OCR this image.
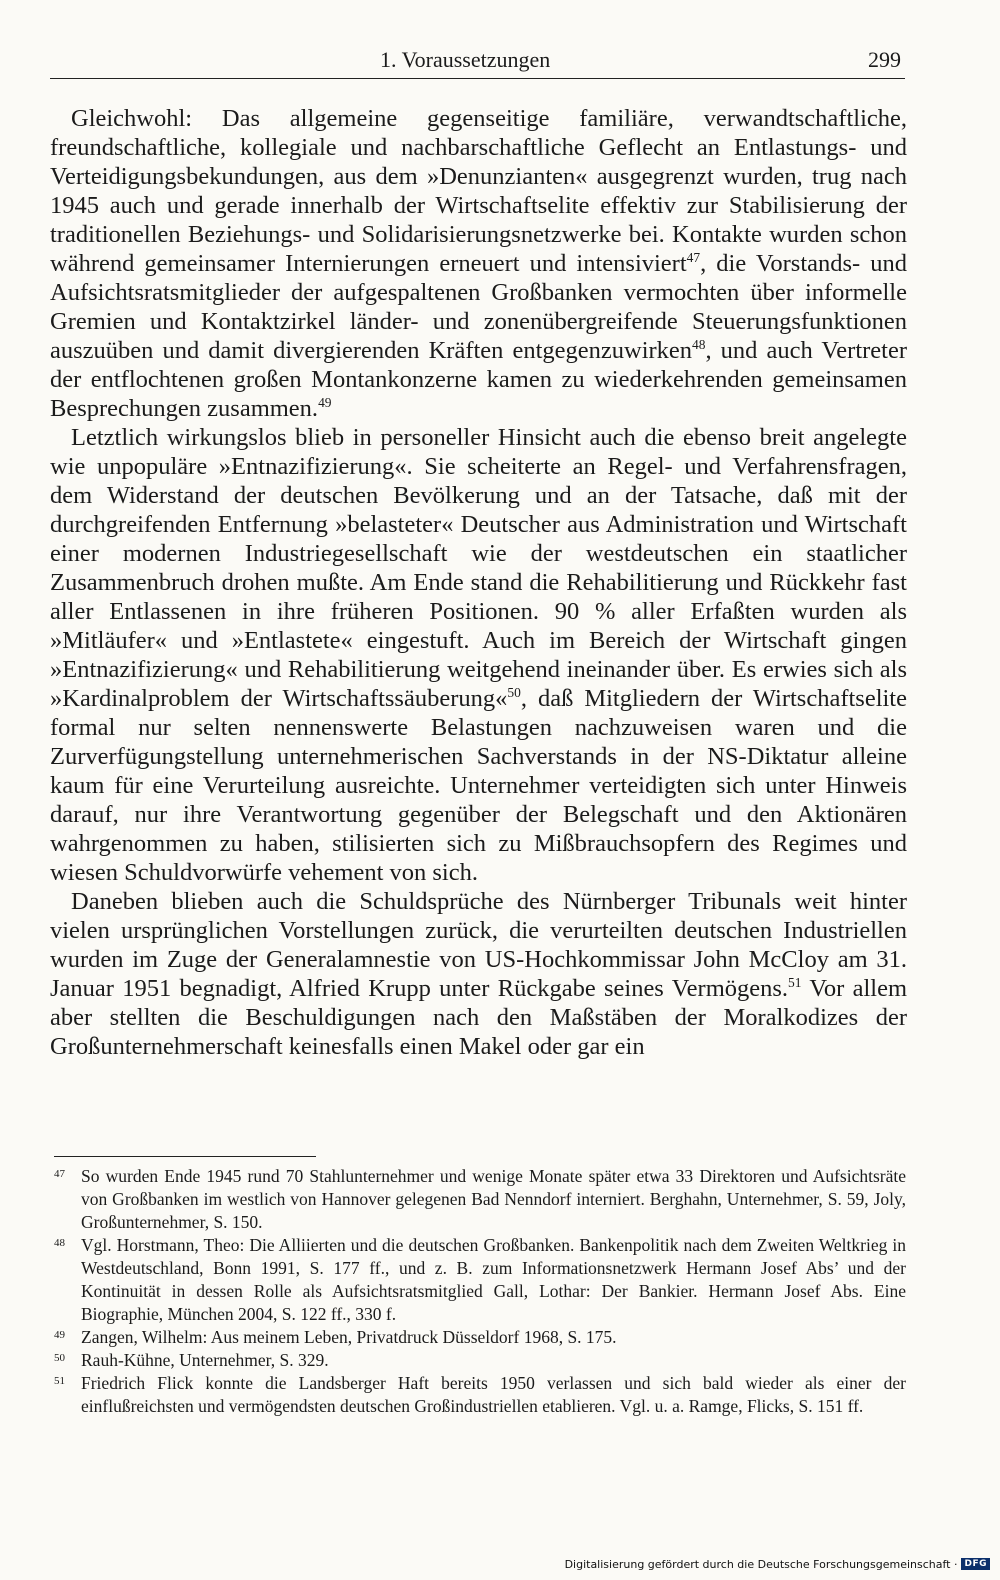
1. Voraussetzungen	299

Gleichwohl: Das allgemeine gegenseitige familiäre, verwandtschaftliche, freundschaftliche, kollegiale und nachbarschaftliche Geflecht an Entlastungs- und Verteidigungsbekundungen, aus dem »Denunzianten« ausgegrenzt wurden, trug nach 1945 auch und gerade innerhalb der Wirtschaftselite effektiv zur Stabilisierung der traditionellen Beziehungs- und Solidarisierungsnetzwerke bei. Kontakte wurden schon während gemeinsamer Internierungen erneuert und intensiviert$^{47}$, die Vorstands- und Aufsichtsratsmitglieder der aufgespaltenen Großbanken vermochten über informelle Gremien und Kontaktzirkel länder- und zonenübergreifende Steuerungsfunktionen auszuüben und damit divergierenden Kräften entgegenzuwirken$^{48}$, und auch Vertreter der entflochtenen großen Montankonzerne kamen zu wiederkehrenden gemeinsamen Besprechungen zusammen.$^{49}$

Letztlich wirkungslos blieb in personeller Hinsicht auch die ebenso breit angelegte wie unpopuläre »Entnazifizierung«. Sie scheiterte an Regel- und Verfahrensfragen, dem Widerstand der deutschen Bevölkerung und an der Tatsache, daß mit der durchgreifenden Entfernung »belasteter« Deutscher aus Administration und Wirtschaft einer modernen Industriegesellschaft wie der westdeutschen ein staatlicher Zusammenbruch drohen mußte. Am Ende stand die Rehabilitierung und Rückkehr fast aller Entlassenen in ihre früheren Positionen. 90 % aller Erfaßten wurden als »Mitläufer« und »Entlastete« eingestuft. Auch im Bereich der Wirtschaft gingen »Entnazifizierung« und Rehabilitierung weitgehend ineinander über. Es erwies sich als »Kardinalproblem der Wirtschaftssäuberung«$^{50}$, daß Mitgliedern der Wirtschaftselite formal nur selten nennenswerte Belastungen nachzuweisen waren und die Zurverfügungstellung unternehmerischen Sachverstands in der NS-Diktatur alleine kaum für eine Verurteilung ausreichte. Unternehmer verteidigten sich unter Hinweis darauf, nur ihre Verantwortung gegenüber der Belegschaft und den Aktionären wahrgenommen zu haben, stilisierten sich zu Mißbrauchsopfern des Regimes und wiesen Schuldvorwürfe vehement von sich.

Daneben blieben auch die Schuldsprüche des Nürnberger Tribunals weit hinter vielen ursprünglichen Vorstellungen zurück, die verurteilten deutschen Industriellen wurden im Zuge der Generalamnestie von US-Hochkommissar John McCloy am 31. Januar 1951 begnadigt, Alfried Krupp unter Rückgabe seines Vermögens.$^{51}$ Vor allem aber stellten die Beschuldigungen nach den Maßstäben der Moralkodizes der Großunternehmerschaft keinesfalls einen Makel oder gar ein

47 So wurden Ende 1945 rund 70 Stahlunternehmer und wenige Monate später etwa 33 Direktoren und Aufsichtsräte von Großbanken im westlich von Hannover gelegenen Bad Nenndorf interniert. Berghahn, Unternehmer, S. 59, Joly, Großunternehmer, S. 150.

48 Vgl. Horstmann, Theo: Die Alliierten und die deutschen Großbanken. Bankenpolitik nach dem Zweiten Weltkrieg in Westdeutschland, Bonn 1991, S. 177 ff., und z. B. zum Informationsnetzwerk Hermann Josef Abs’ und der Kontinuität in dessen Rolle als Aufsichtsratsmitglied Gall, Lothar: Der Bankier. Hermann Josef Abs. Eine Biographie, München 2004, S. 122 ff., 330 f.

49 Zangen, Wilhelm: Aus meinem Leben, Privatdruck Düsseldorf 1968, S. 175.

50 Rauh-Kühne, Unternehmer, S. 329.

51 Friedrich Flick konnte die Landsberger Haft bereits 1950 verlassen und sich bald wieder als einer der einflußreichsten und vermögendsten deutschen Großindustriellen etablieren. Vgl. u. a. Ramge, Flicks, S. 151 ff.

Digitalisierung gefördert durch die Deutsche Forschungsgemeinschaft · DFG
